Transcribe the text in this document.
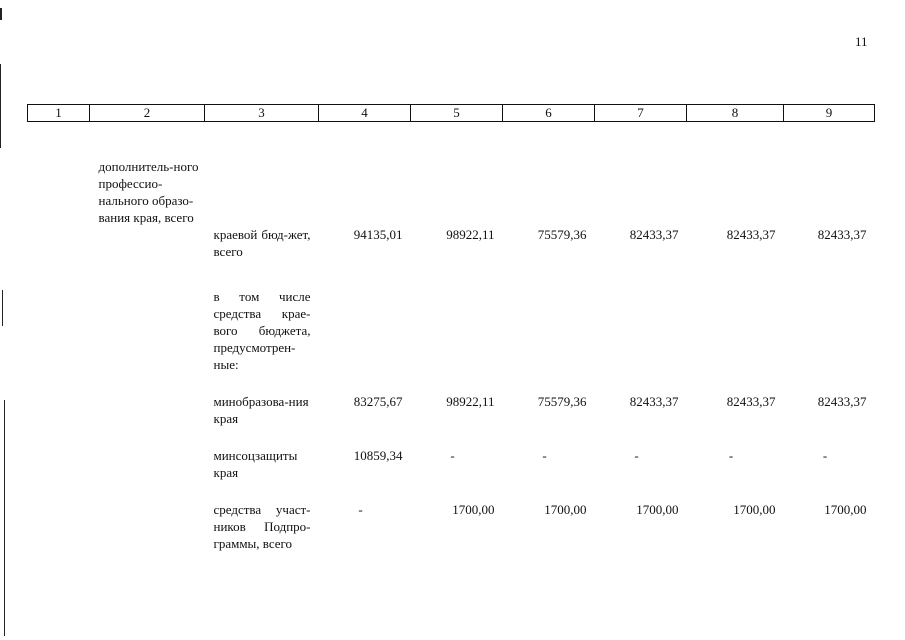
11
1	2	3	4	5	6	7	8	9

	дополнитель-ного профессио-нального образо-вания края, всего							

		краевой бюд-жет, всего	94135,01	98922,11	75579,36	82433,37	82433,37	82433,37
		в том числе средства крае-вого бюджета, предусмотрен-ные:						
		минобразова-ния края	83275,67	98922,11	75579,36	82433,37	82433,37	82433,37
		минсоцзащиты края	10859,34	-	-	-	-	-
		средства участ-ников Подпро-граммы, всего	-	1700,00	1700,00	1700,00	1700,00	1700,00
